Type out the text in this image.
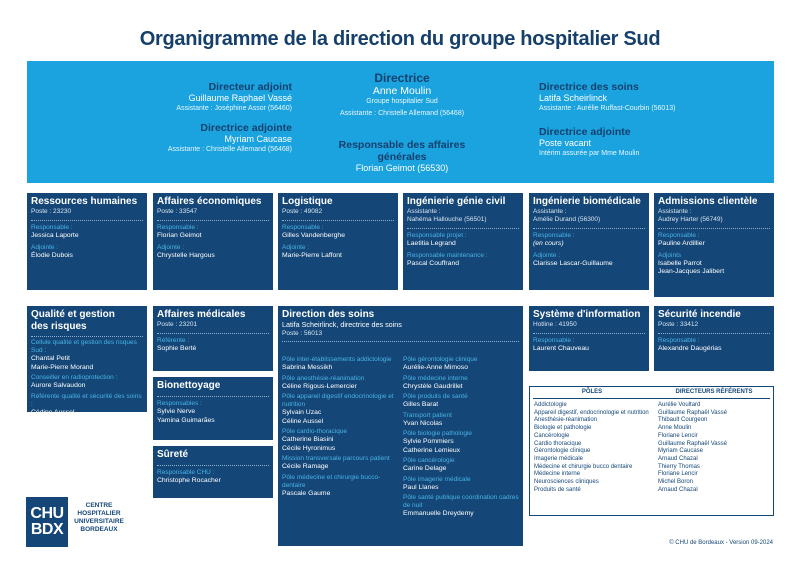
Organigramme de la direction du groupe hospitalier Sud
Directeur adjoint
Guillaume Raphael Vassé
Assistante : Joséphine Assor (56460)
Directrice adjointe
Myriam Caucase
Assistante : Christelle Allemand (56468)
Directrice
Anne Moulin
Groupe hospitalier Sud
Assistante : Christelle Allemand (56468)
Responsable des affaires générales
Florian Geimot (56530)
Directrice des soins
Latifa Scheirlinck
Assistante : Aurélie Ruffast-Courbin (56013)
Directrice adjointe
Poste vacant
Intérim assurée par Mme Moulin
Ressources humaines
Poste : 23230
Responsable :
Jessica Laporte
Adjointe :
Élodie Dubois
Affaires économiques
Poste : 33547
Responsable :
Florian Geimot
Adjointe :
Chrystelle Hargous
Logistique
Poste : 49082
Responsable :
Gilles Vandenberghe
Adjointe :
Marie-Pierre Laffont
Ingénierie génie civil
Assistante :
Nahéma Hallouche (56501)
Responsable projet :
Laetitia Legrand
Responsable maintenance :
Pascal Couffrand
Ingénierie biomédicale
Assistante :
Amélie Durand (56300)
Responsable :
(en cours)
Adjointe :
Clarisse Lascar-Guillaume
Admissions clientèle
Assistante :
Audrey Harter (56749)
Responsable :
Pauline Ardillier
Adjoints
Isabelle Parrot
Jean-Jacques Jalibert
Qualité et gestion
des risques
Cellule qualité et gestion des risques Sud :
Chantal Petit
Marie-Pierre Morand
Conseiller en radioprotection :
Aurore Salvaudon
Référente qualité et sécurité des soins :
Cédine Aussel
Affaires médicales
Poste : 23201
Référente :
Sophie Berté
Bionettoyage
Responsables :
Sylvie Nerve
Yamina Guimarães
Sûreté
Responsable CHU :
Christophe Rocacher
Direction des soins
Latifa Scheirlinck, directrice des soins
Poste : 56013
Pôle inter-établissements addictologie
Sabrina Messikh
Pôle anesthésie-réanimation
Céline Rigous-Lemercier
Pôle appareil digestif endocrinologie et nutrition
Sylvain Uzac
Céline Aussel
Pôle cardio-thoracique
Catherine Biasini
Cécile Hyronimus
Mission transversale parcours patient
Cécile Ramage
Pôle médecine et chirurgie bucco-dentaire
Pascale Gaume
Pôle gérontologie clinique
Aurélie-Anne Mimoso
Pôle médecine interne
Chrystèle Gaudrillet
Pôle produits de santé
Gilles Barat
Transport patient
Yvan Nicolas
Pôle biologie pathologie
Sylvie Pommiers
Catherine Lemieux
Pôle cancérologie
Carine Delage
Pôle imagerie médicale
Paul Llanes
Pôle santé publique coordination cadres de nuit
Emmanuelle Dreydemy
Système d'information
Hotline : 41950
Responsable :
Laurent Chauveau
Sécurité incendie
Poste : 33412
Responsable :
Alexandre Daugérias
PÔLES	DIRECTEURS RÉFÉRENTS
Addictologie
Appareil digestif, endocrinologie et nutrition
Anesthésie-réanimation
Biologie et pathologie
Cancérologie
Cardio thoracique
Gérontologie clinique
Imagerie médicale
Médecine et chirurgie bucco dentaire
Médecine interne
Neurosciences cliniques
Produits de santé
Aurélie Voultard
Guillaume Raphaël Vassé
Thibault Courgeon
Anne Moulin
Floriane Lencir
Guillaume Raphaël Vassé
Myriam Caucase
Arnaud Chazal
Thierry Thomas
Floriane Lencir
Michel Boron
Arnaud Chazal
CHU
BDX
CENTRE
HOSPITALIER
UNIVERSITAIRE
BORDEAUX
© CHU de Bordeaux - Version 09-2024
